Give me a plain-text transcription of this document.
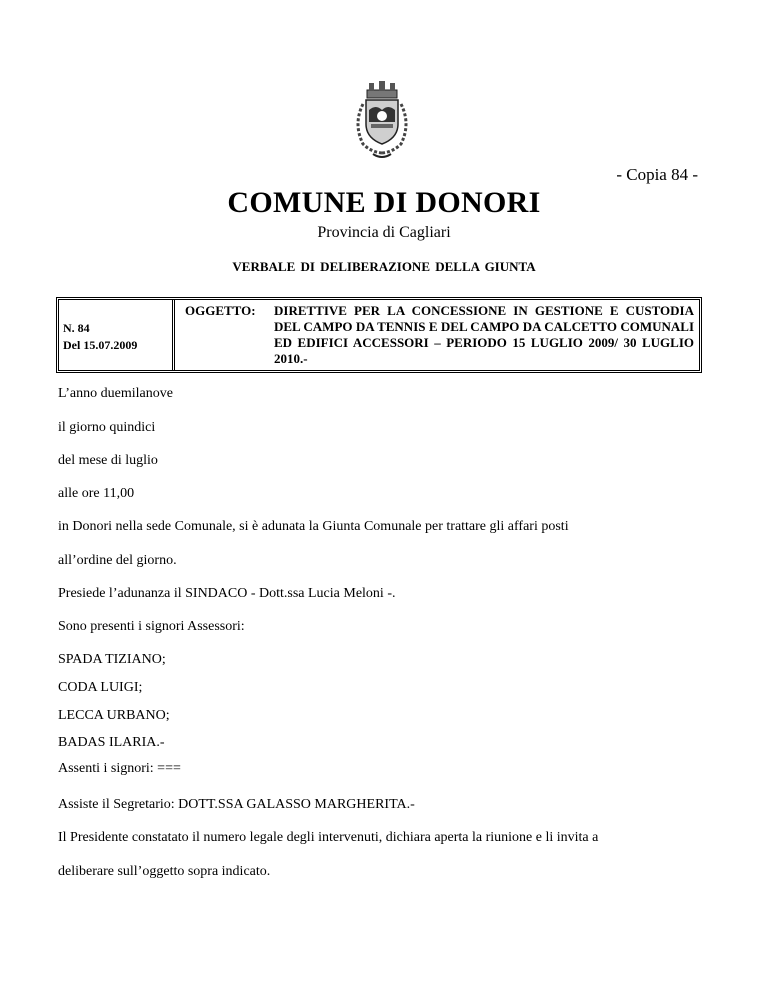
- Copia 84 -
COMUNE DI DONORI
Provincia di Cagliari
VERBALE DI DELIBERAZIONE DELLA GIUNTA
N. 84
Del 15.07.2009
OGGETTO: DIRETTIVE PER LA CONCESSIONE IN GESTIONE E CUSTODIA DEL CAMPO DA TENNIS E DEL CAMPO DA CALCETTO COMUNALI ED EDIFICI ACCESSORI – PERIODO 15 LUGLIO 2009/ 30 LUGLIO 2010.-
L’anno duemilanove
il giorno quindici
del mese di luglio
alle ore 11,00
in Donori nella sede Comunale, si è adunata la Giunta Comunale per trattare gli affari posti
all’ordine del giorno.
Presiede l’adunanza il SINDACO - Dott.ssa Lucia Meloni -.
Sono presenti i signori Assessori:
SPADA TIZIANO;
CODA LUIGI;
LECCA URBANO;
BADAS ILARIA.-
Assenti i signori: ===
Assiste il Segretario: DOTT.SSA GALASSO MARGHERITA.-
Il Presidente constatato il numero legale degli intervenuti, dichiara aperta la riunione e li invita a
deliberare sull’oggetto sopra indicato.
